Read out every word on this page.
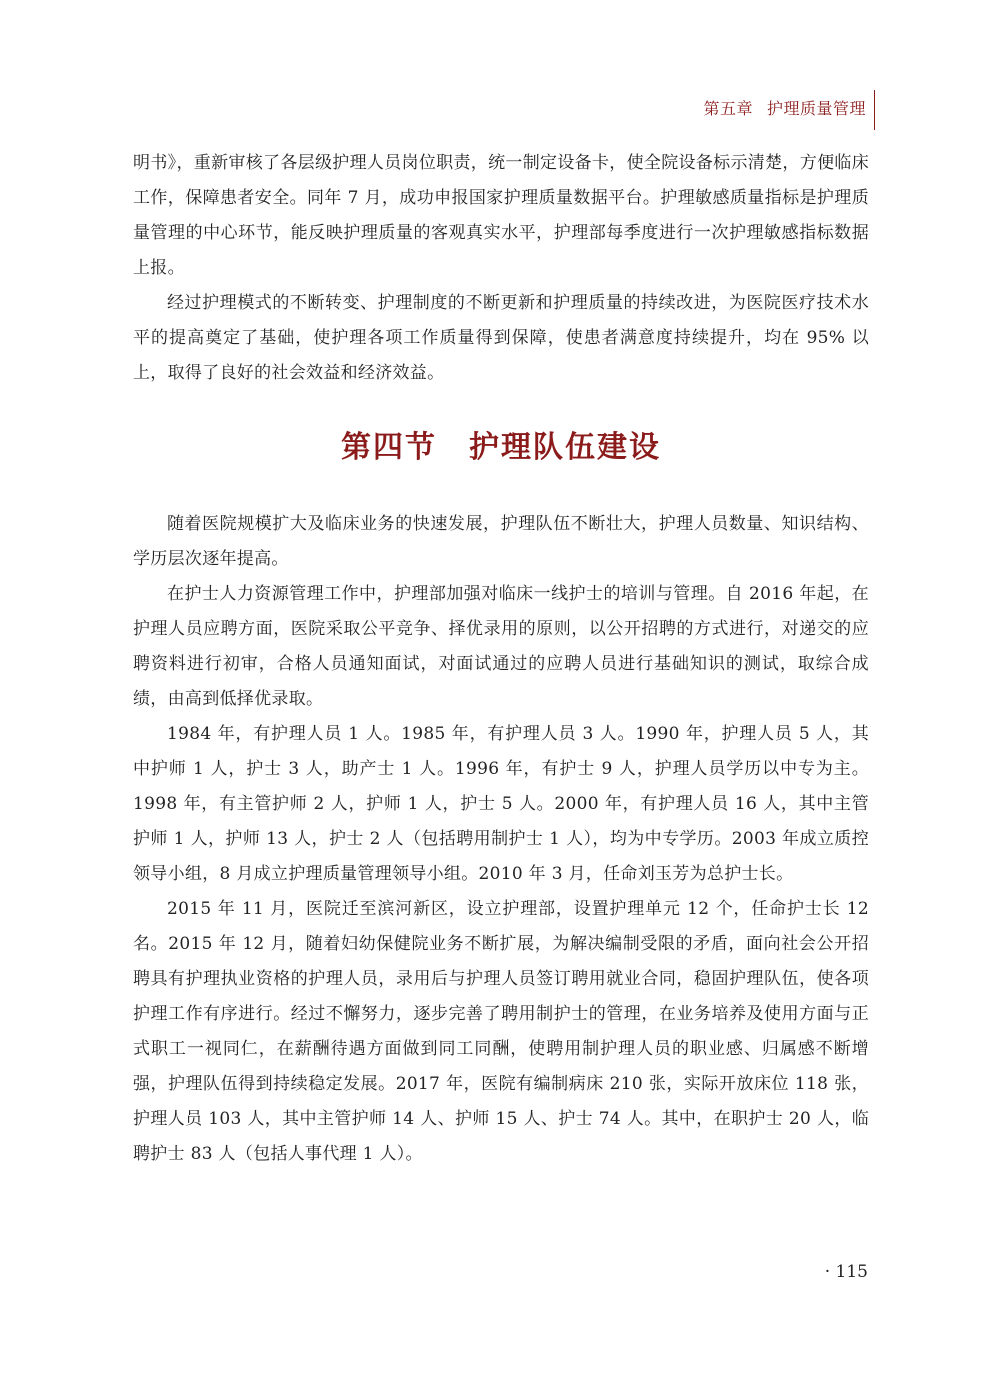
第五章 护理质量管理

明书》，重新审核了各层级护理人员岗位职责，统一制定设备卡，使全院设备标示清楚，方便临床工作，保障患者安全。同年 7 月，成功申报国家护理质量数据平台。护理敏感质量指标是护理质量管理的中心环节，能反映护理质量的客观真实水平，护理部每季度进行一次护理敏感指标数据上报。

经过护理模式的不断转变、护理制度的不断更新和护理质量的持续改进，为医院医疗技术水平的提高奠定了基础，使护理各项工作质量得到保障，使患者满意度持续提升，均在 95% 以上，取得了良好的社会效益和经济效益。

第四节　护理队伍建设

随着医院规模扩大及临床业务的快速发展，护理队伍不断壮大，护理人员数量、知识结构、学历层次逐年提高。

在护士人力资源管理工作中，护理部加强对临床一线护士的培训与管理。自 2016 年起，在护理人员应聘方面，医院采取公平竞争、择优录用的原则，以公开招聘的方式进行，对递交的应聘资料进行初审，合格人员通知面试，对面试通过的应聘人员进行基础知识的测试，取综合成绩，由高到低择优录取。

1984 年，有护理人员 1 人。1985 年，有护理人员 3 人。1990 年，护理人员 5 人，其中护师 1 人，护士 3 人，助产士 1 人。1996 年，有护士 9 人，护理人员学历以中专为主。1998 年，有主管护师 2 人，护师 1 人，护士 5 人。2000 年，有护理人员 16 人，其中主管护师 1 人，护师 13 人，护士 2 人（包括聘用制护士 1 人），均为中专学历。2003 年成立质控领导小组，8 月成立护理质量管理领导小组。2010 年 3 月，任命刘玉芳为总护士长。

2015 年 11 月，医院迁至滨河新区，设立护理部，设置护理单元 12 个，任命护士长 12 名。2015 年 12 月，随着妇幼保健院业务不断扩展，为解决编制受限的矛盾，面向社会公开招聘具有护理执业资格的护理人员，录用后与护理人员签订聘用就业合同，稳固护理队伍，使各项护理工作有序进行。经过不懈努力，逐步完善了聘用制护士的管理，在业务培养及使用方面与正式职工一视同仁，在薪酬待遇方面做到同工同酬，使聘用制护理人员的职业感、归属感不断增强，护理队伍得到持续稳定发展。2017 年，医院有编制病床 210 张，实际开放床位 118 张，护理人员 103 人，其中主管护师 14 人、护师 15 人、护士 74 人。其中，在职护士 20 人，临聘护士 83 人（包括人事代理 1 人）。

· 115
